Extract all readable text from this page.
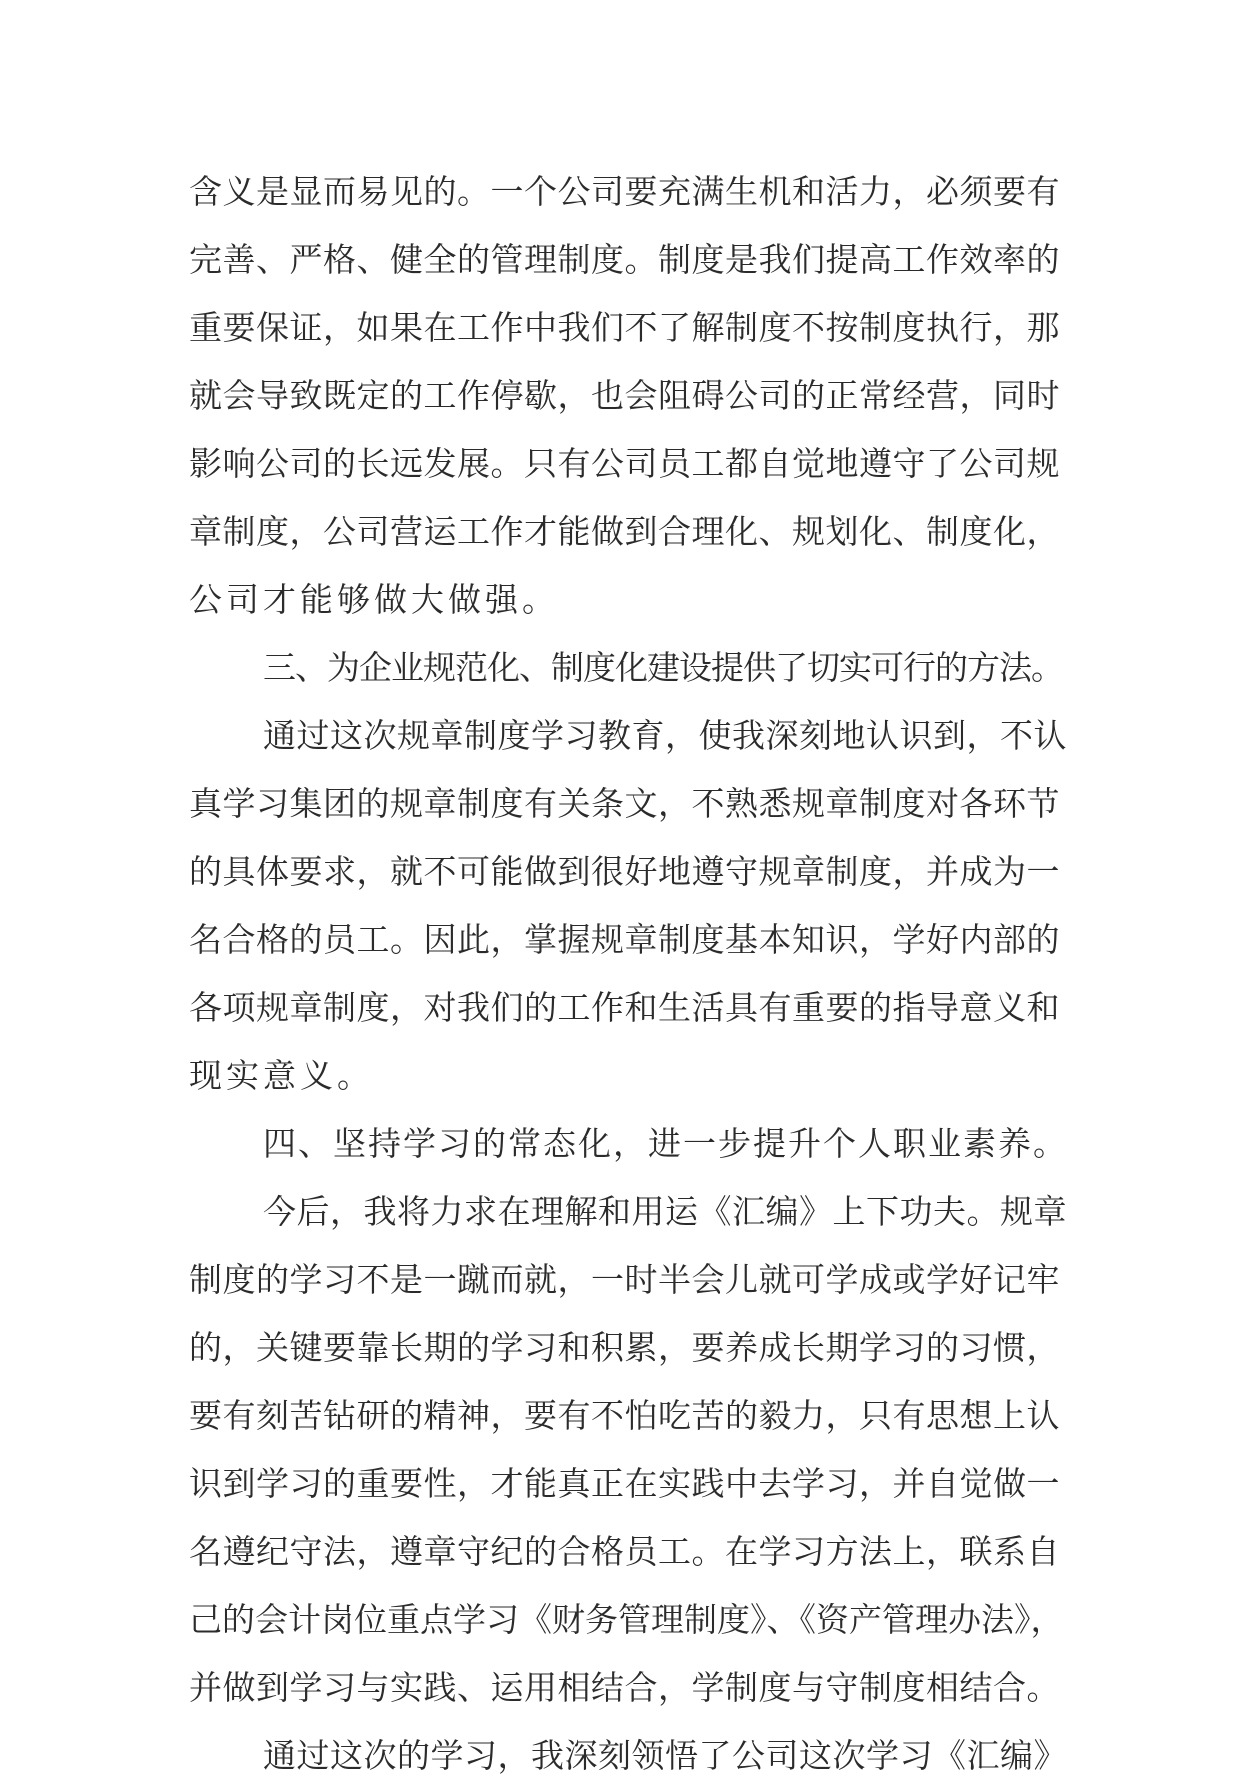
含义是显而易见的。一个公司要充满生机和活力，必须要有
完善、严格、健全的管理制度。制度是我们提高工作效率的
重要保证，如果在工作中我们不了解制度不按制度执行，那
就会导致既定的工作停歇，也会阻碍公司的正常经营，同时
影响公司的长远发展。只有公司员工都自觉地遵守了公司规
章制度，公司营运工作才能做到合理化、规划化、制度化，
公司才能够做大做强。
三、为企业规范化、制度化建设提供了切实可行的方法。
通过这次规章制度学习教育，使我深刻地认识到，不认
真学习集团的规章制度有关条文，不熟悉规章制度对各环节
的具体要求，就不可能做到很好地遵守规章制度，并成为一
名合格的员工。因此，掌握规章制度基本知识，学好内部的
各项规章制度，对我们的工作和生活具有重要的指导意义和
现实意义。
四、坚持学习的常态化，进一步提升个人职业素养。
今后，我将力求在理解和用运《汇编》上下功夫。规章
制度的学习不是一蹴而就，一时半会儿就可学成或学好记牢
的，关键要靠长期的学习和积累，要养成长期学习的习惯，
要有刻苦钻研的精神，要有不怕吃苦的毅力，只有思想上认
识到学习的重要性，才能真正在实践中去学习，并自觉做一
名遵纪守法，遵章守纪的合格员工。在学习方法上，联系自
己的会计岗位重点学习《财务管理制度》、《资产管理办法》，
并做到学习与实践、运用相结合，学制度与守制度相结合。
通过这次的学习，我深刻领悟了公司这次学习《汇编》
